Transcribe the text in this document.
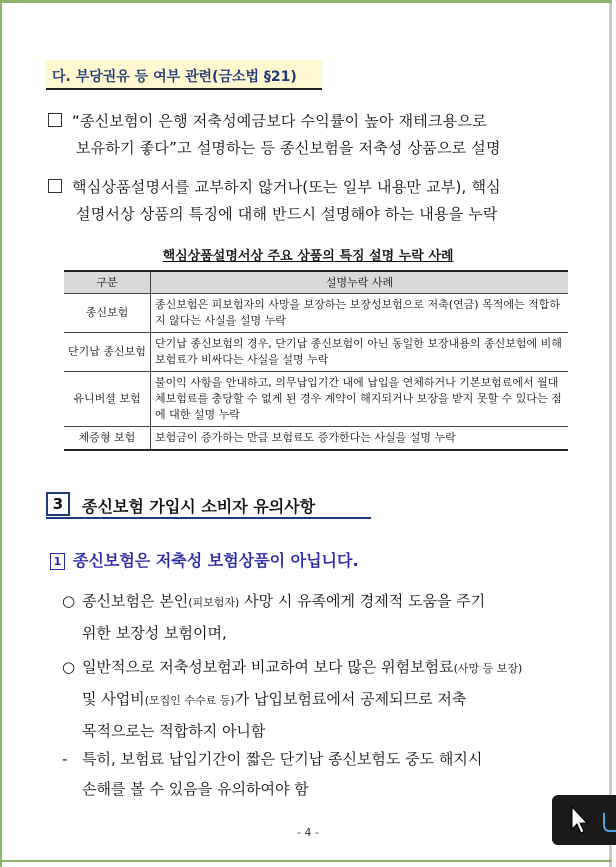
다. 부당권유 등 여부 관련(금소법 §21)
“종신보험이 은행 저축성예금보다 수익률이 높아 재테크용으로
보유하기 좋다”고 설명하는 등 종신보험을 저축성 상품으로 설명
핵심상품설명서를 교부하지 않거나(또는 일부 내용만 교부), 핵심
설명서상 상품의 특징에 대해 반드시 설명해야 하는 내용을 누락
핵심상품설명서상 주요 상품의 특징 설명 누락 사례
구분	설명누락 사례
종신보험	종신보험은 피보험자의 사망을 보장하는 보장성보험으로 저축(연금) 목적에는 적합하지 않다는 사실을 설명 누락
단기납 종신보험	단기납 종신보험의 경우, 단기납 종신보험이 아닌 동일한 보장내용의 종신보험에 비해 보험료가 비싸다는 사실을 설명 누락
유니버셜 보험	불이익 사항을 안내하고, 의무납입기간 내에 납입을 연체하거나 기본보험료에서 월대체보험료를 충당할 수 없게 된 경우 계약이 해지되거나 보장을 받지 못할 수 있다는 점에 대한 설명 누락
체증형 보험	보험금이 증가하는 만큼 보험료도 증가한다는 사실을 설명 누락
3	종신보험 가입시 소비자 유의사항
1 종신보험은 저축성 보험상품이 아닙니다.
○ 종신보험은 본인(피보험자) 사망 시 유족에게 경제적 도움을 주기
위한 보장성 보험이며,
○ 일반적으로 저축성보험과 비교하여 보다 많은 위험보험료(사망 등 보장)
및 사업비(모집인 수수료 등)가 납입보험료에서 공제되므로 저축
목적으로는 적합하지 아니함
- 특히, 보험료 납입기간이 짧은 단기납 종신보험도 중도 해지시
손해를 볼 수 있음을 유의하여야 함
- 4 -
